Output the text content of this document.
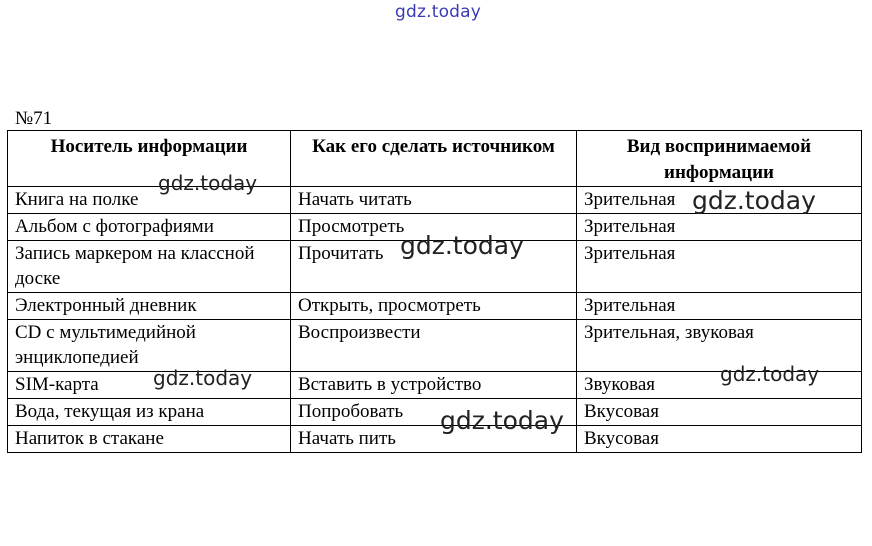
gdz.today
№71
Носитель информации	Как его сделать источником	Вид воспринимаемой информации
Книга на полке	Начать читать	Зрительная
Альбом с фотографиями	Просмотреть	Зрительная
Запись маркером на классной доске	Прочитать	Зрительная
Электронный дневник	Открыть, просмотреть	Зрительная
CD с мультимедийной энциклопедией	Воспроизвести	Зрительная, звуковая
SIM-карта	Вставить в устройство	Звуковая
Вода, текущая из крана	Попробовать	Вкусовая
Напиток в стакане	Начать пить	Вкусовая
gdz.today
gdz.today
gdz.today
gdz.today	gdz.today
gdz.today
